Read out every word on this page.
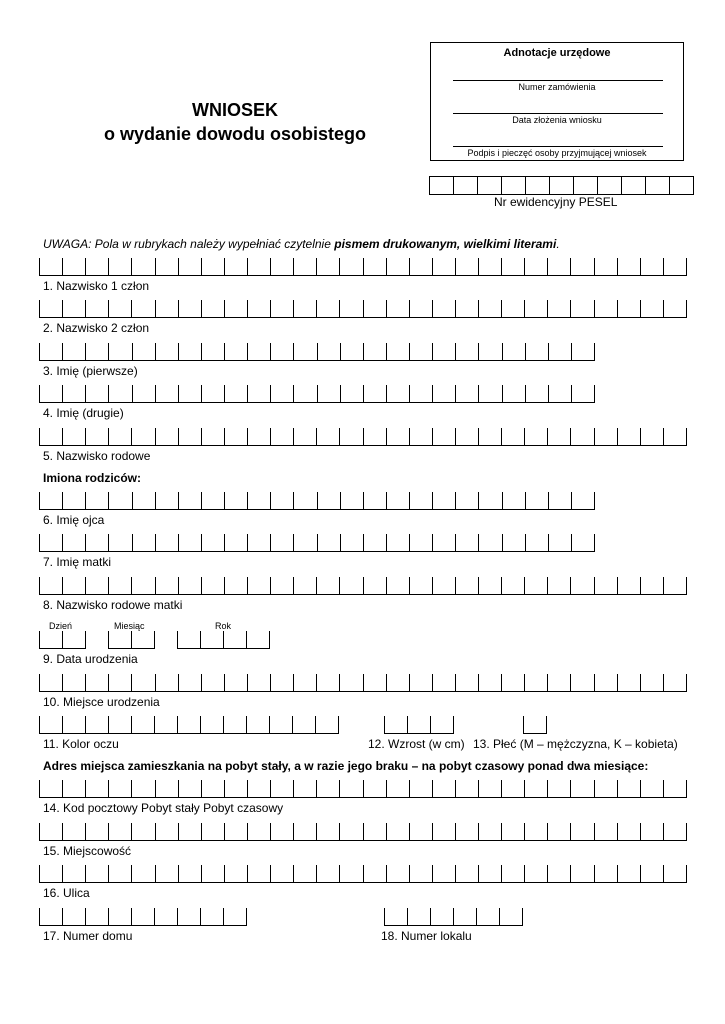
WNIOSEK
o wydanie dowodu osobistego
Adnotacje urzędowe
Numer zamówienia
Data złożenia wniosku
Podpis i pieczęć osoby przyjmującej wniosek
Nr ewidencyjny PESEL
UWAGA: Pola w rubrykach należy wypełniać czytelnie pismem drukowanym, wielkimi literami.
1. Nazwisko 1 człon
2. Nazwisko 2 człon
3. Imię (pierwsze)
4. Imię (drugie)
5. Nazwisko rodowe
Imiona rodziców:
6. Imię ojca
7. Imię matki
8. Nazwisko rodowe matki
Dzień	Miesiąc	Rok
9. Data urodzenia
10. Miejsce urodzenia
11. Kolor oczu	12. Wzrost (w cm) 13. Płeć (M – mężczyzna, K – kobieta)
Adres miejsca zamieszkania na pobyt stały, a w razie jego braku – na pobyt czasowy ponad dwa miesiące:
14. Kod pocztowy Pobyt stały Pobyt czasowy
15. Miejscowość
16. Ulica
17. Numer domu	18. Numer lokalu
